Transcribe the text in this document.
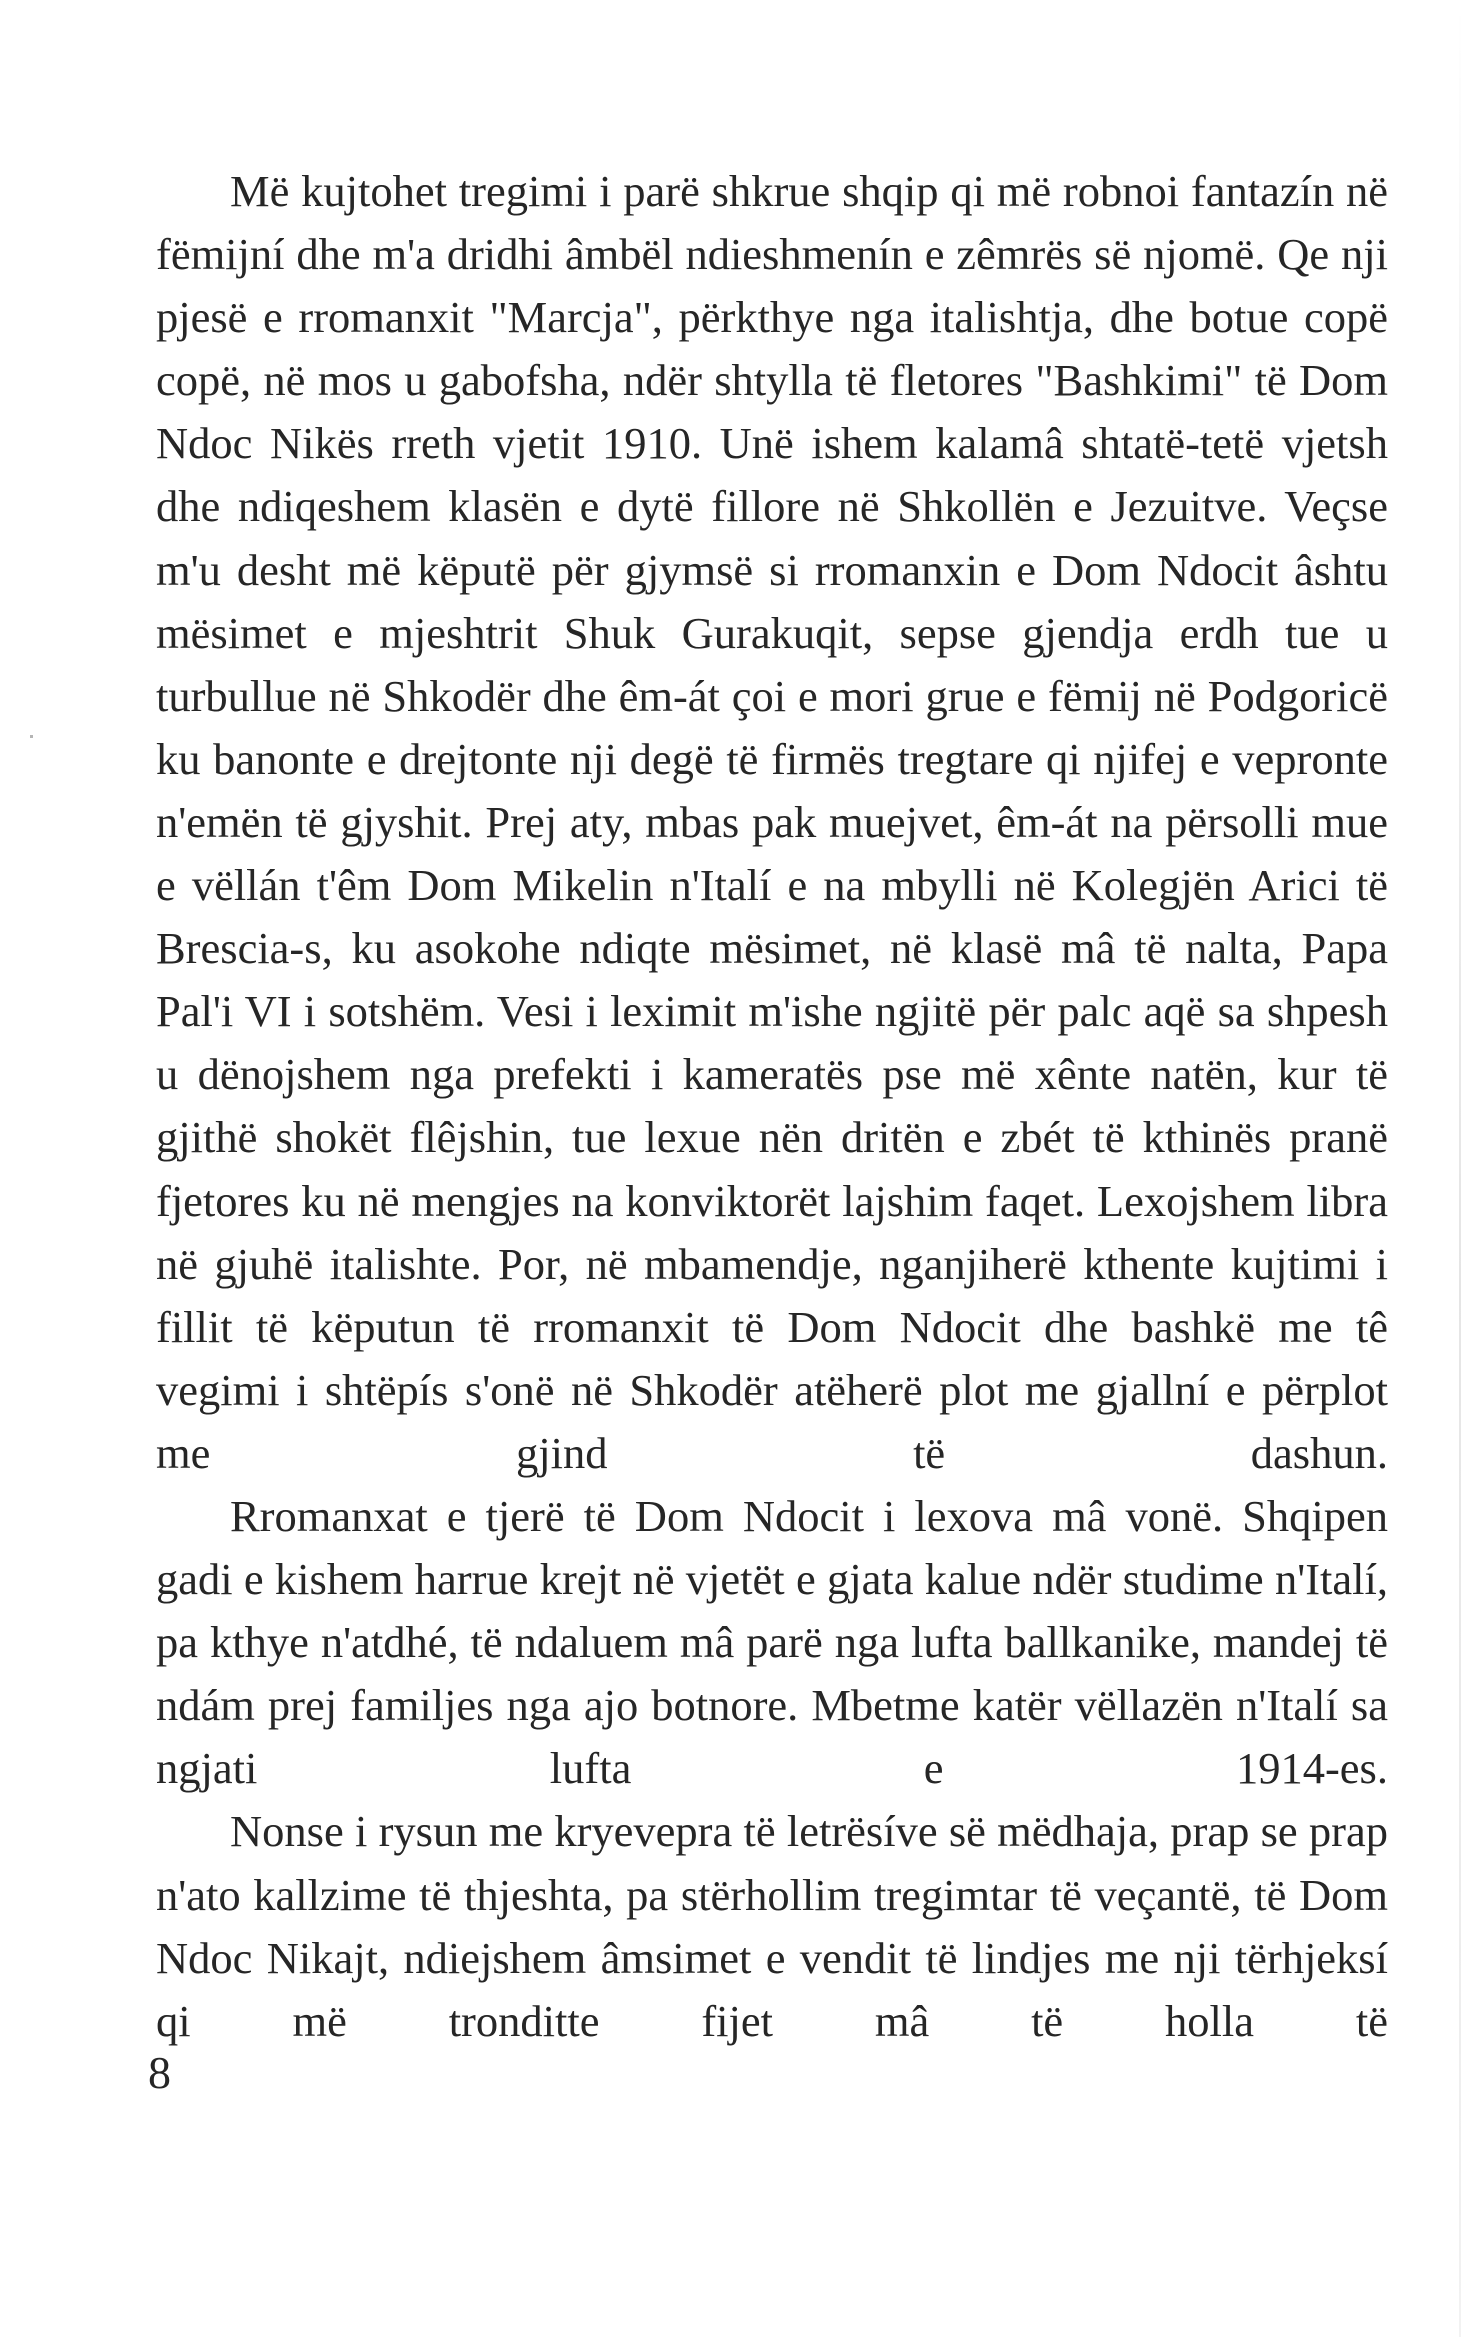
Më kujtohet tregimi i parë shkrue shqip qi më robnoi fantazín në fëmijní dhe m'a dridhi âmbël ndieshmenín e zêmrës së njomë. Qe nji pjesë e rromanxit "Marcja", përkthye nga italishtja, dhe botue copë copë, në mos u gabofsha, ndër shtylla të fletores "Bashkimi" të Dom Ndoc Nikës rreth vjetit 1910. Unë ishem kalamâ shtatë-tetë vjetsh dhe ndiqeshem klasën e dytë fillore në Shkollën e Jezuitve. Veçse m'u desht më këputë për gjymsë si rromanxin e Dom Ndocit âshtu mësimet e mjeshtrit Shuk Gurakuqit, sepse gjendja erdh tue u turbullue në Shkodër dhe êm-át çoi e mori grue e fëmij në Podgoricë ku banonte e drejtonte nji degë të firmës tregtare qi njifej e vepronte n'emën të gjyshit. Prej aty, mbas pak muejvet, êm-át na përsolli mue e vëllán t'êm Dom Mikelin n'Italí e na mbylli në Kolegjën Arici të Brescia-s, ku asokohe ndiqte mësimet, në klasë mâ të nalta, Papa Pal'i VI i sotshëm. Vesi i leximit m'ishe ngjitë për palc aqë sa shpesh u dënojshem nga prefekti i kameratës pse më xênte natën, kur të gjithë shokët flêjshin, tue lexue nën dritën e zbét të kthinës pranë fjetores ku në mengjes na konviktorët lajshim faqet. Lexojshem libra në gjuhë italishte. Por, në mbamendje, nganjiherë kthente kujtimi i fillit të këputun të rromanxit të Dom Ndocit dhe bashkë me tê vegimi i shtëpís s'onë në Shkodër atëherë plot me gjallní e përplot me gjind të dashun.

Rromanxat e tjerë të Dom Ndocit i lexova mâ vonë. Shqipen gadi e kishem harrue krejt në vjetët e gjata kalue ndër studime n'Italí, pa kthye n'atdhé, të ndaluem mâ parë nga lufta ballkanike, mandej të ndám prej familjes nga ajo botnore. Mbetme katër vëllazën n'Italí sa ngjati lufta e 1914-es.

Nonse i rysun me kryevepra të letrësíve së mëdhaja, prap se prap n'ato kallzime të thjeshta, pa stërhollim tregimtar të veçantë, të Dom Ndoc Nikajt, ndiejshem âmsimet e vendit të lindjes me nji tërhjeksí qi më tronditte fijet mâ të holla të

8
